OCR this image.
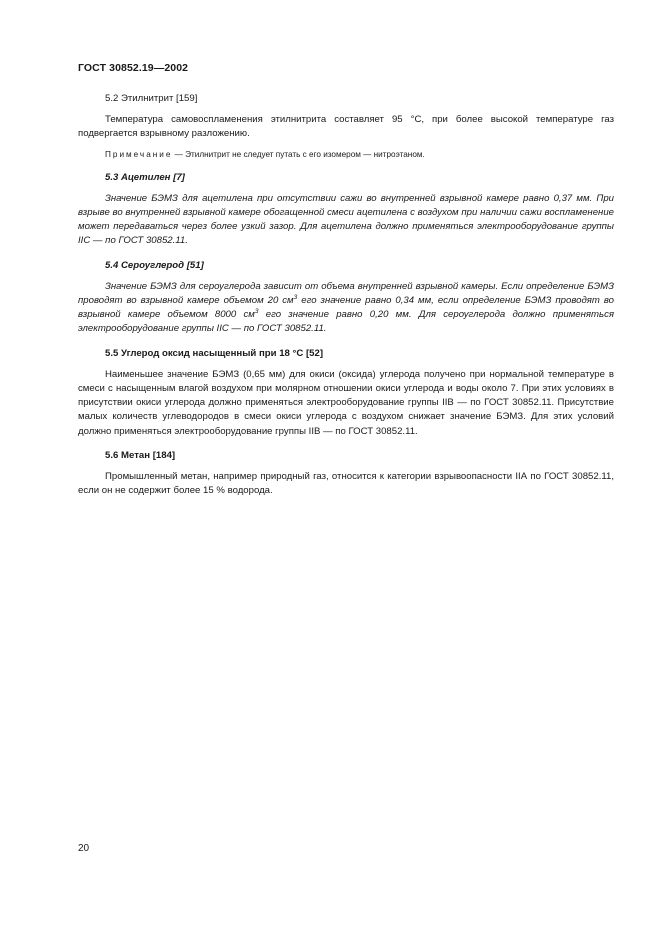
ГОСТ 30852.19—2002

5.2 Этилнитрит [159]

Температура самовоспламенения этилнитрита составляет 95 °С, при более высокой температуре газ подвергается взрывному разложению.

Примечание — Этилнитрит не следует путать с его изомером — нитроэтаном.

5.3 Ацетилен [7]

Значение БЭМЗ для ацетилена при отсутствии сажи во внутренней взрывной камере равно 0,37 мм. При взрыве во внутренней взрывной камере обогащенной смеси ацетилена с воздухом при наличии сажи воспламенение может передаваться через более узкий зазор. Для ацетилена должно применяться электрооборудование группы IIС — по ГОСТ 30852.11.

5.4 Сероуглерод [51]

Значение БЭМЗ для сероуглерода зависит от объема внутренней взрывной камеры. Если определение БЭМЗ проводят во взрывной камере объемом 20 $см^3$ его значение равно 0,34 мм, если определение БЭМЗ проводят во взрывной камере объемом 8000 $см^3$ его значение равно 0,20 мм. Для сероуглерода должно применяться электрооборудование группы IIС — по ГОСТ 30852.11.

5.5 Углерод оксид насыщенный при 18 °С [52]

Наименьшее значение БЭМЗ (0,65 мм) для окиси (оксида) углерода получено при нормальной температуре в смеси с насыщенным влагой воздухом при молярном отношении окиси углерода и воды около 7. При этих условиях в присутствии окиси углерода должно применяться электрооборудование группы IIВ — по ГОСТ 30852.11. Присутствие малых количеств углеводородов в смеси окиси углерода с воздухом снижает значение БЭМЗ. Для этих условий должно применяться электрооборудование группы IIВ — по ГОСТ 30852.11.

5.6 Метан [184]

Промышленный метан, например природный газ, относится к категории взрывоопасности IIА по ГОСТ 30852.11, если он не содержит более 15 % водорода.

20
